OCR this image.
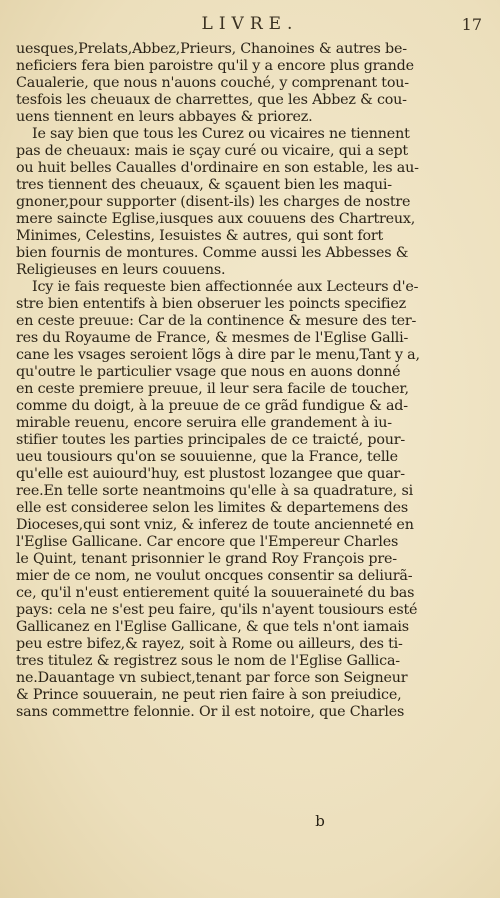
LIVRE.	17
uesques,Prelats,Abbez,Prieurs, Chanoines & autres be-
neficiers fera bien paroistre qu'il y a encore plus grande
Caualerie, que nous n'auons couché, y comprenant tou-
tesfois les cheuaux de charrettes, que les Abbez & cou-
uens tiennent en leurs abbayes & priorez.
Ie say bien que tous les Curez ou vicaires ne tiennent
pas de cheuaux: mais ie sçay curé ou vicaire, qui a sept
ou huit belles Caualles d'ordinaire en son estable, les au-
tres tiennent des cheuaux, & sçauent bien les maqui-
gnoner,pour supporter (disent-ils) les charges de nostre
mere saincte Eglise,iusques aux couuens des Chartreux,
Minimes, Celestins, Iesuistes & autres, qui sont fort
bien fournis de montures. Comme aussi les Abbesses &
Religieuses en leurs couuens.
Icy ie fais requeste bien affectionnée aux Lecteurs d'e-
stre bien ententifs à bien obseruer les poincts specifiez
en ceste preuue: Car de la continence & mesure des ter-
res du Royaume de France, & mesmes de l'Eglise Galli-
cane les vsages seroient lõgs à dire par le menu,Tant y a,
qu'outre le particulier vsage que nous en auons donné
en ceste premiere preuue, il leur sera facile de toucher,
comme du doigt, à la preuue de ce grãd fundigue & ad-
mirable reuenu, encore seruira elle grandement à iu-
stifier toutes les parties principales de ce traicté, pour-
ueu tousiours qu'on se souuienne, que la France, telle
qu'elle est auiourd'huy, est plustost lozangee que quar-
ree.En telle sorte neantmoins qu'elle à sa quadrature, si
elle est consideree selon les limites & departemens des
Dioceses,qui sont vniz, & inferez de toute ancienneté en
l'Eglise Gallicane. Car encore que l'Empereur Charles
le Quint, tenant prisonnier le grand Roy François pre-
mier de ce nom, ne voulut oncques consentir sa deliurã-
ce, qu'il n'eust entierement quité la souueraineté du bas
pays: cela ne s'est peu faire, qu'ils n'ayent tousiours esté
Gallicanez en l'Eglise Gallicane, & que tels n'ont iamais
peu estre bifez,& rayez, soit à Rome ou ailleurs, des ti-
tres titulez & registrez sous le nom de l'Eglise Gallica-
ne.Dauantage vn subiect,tenant par force son Seigneur
& Prince souuerain, ne peut rien faire à son preiudice,
sans commettre felonnie. Or il est notoire, que Charles
b
